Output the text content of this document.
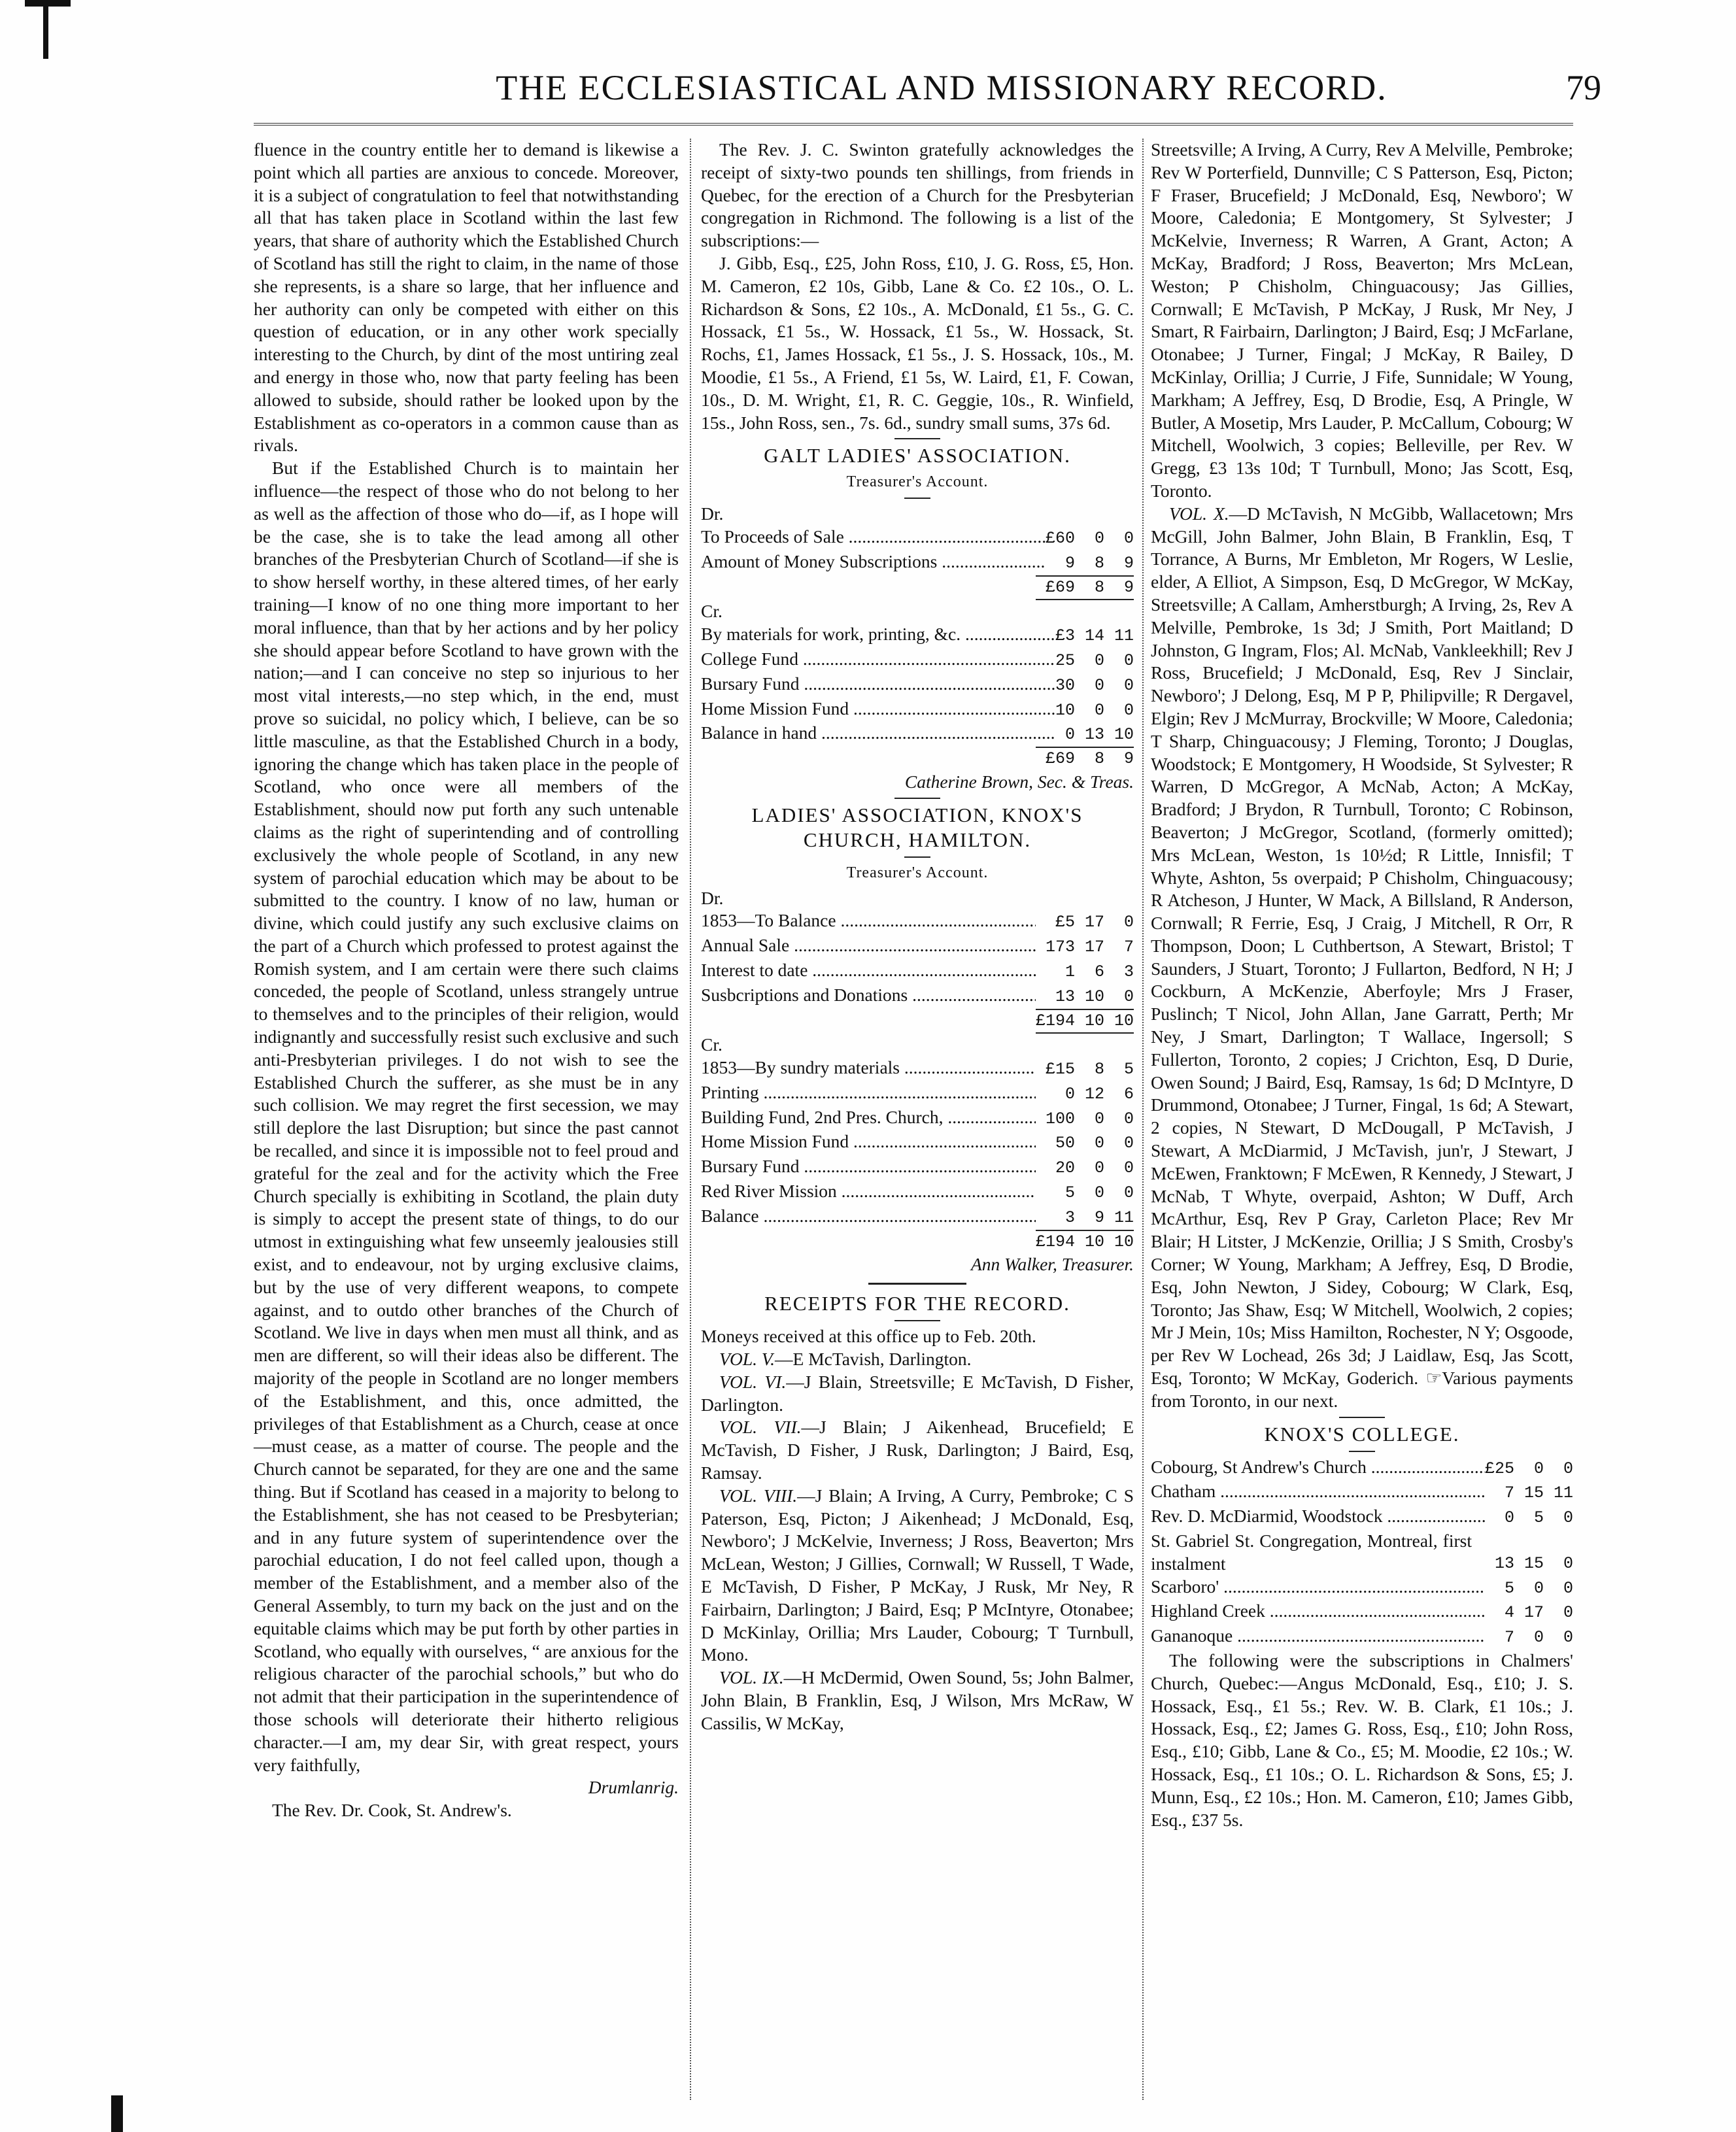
THE ECCLESIASTICAL AND MISSIONARY RECORD.	79

fluence in the country entitle her to demand is likewise a point which all parties are anxious to concede. Moreover, it is a subject of congratulation to feel that notwithstanding all that has taken place in Scotland within the last few years, that share of authority which the Established Church of Scotland has still the right to claim, in the name of those she represents, is a share so large, that her influence and her authority can only be competed with either on this question of education, or in any other work specially interesting to the Church, by dint of the most untiring zeal and energy in those who, now that party feeling has been allowed to subside, should rather be looked upon by the Establishment as co-operators in a common cause than as rivals.

But if the Established Church is to maintain her influence—the respect of those who do not belong to her as well as the affection of those who do—if, as I hope will be the case, she is to take the lead among all other branches of the Presbyterian Church of Scotland—if she is to show herself worthy, in these altered times, of her early training—I know of no one thing more important to her moral influence, than that by her actions and by her policy she should appear before Scotland to have grown with the nation;—and I can conceive no step so injurious to her most vital interests,—no step which, in the end, must prove so suicidal, no policy which, I believe, can be so little masculine, as that the Established Church in a body, ignoring the change which has taken place in the people of Scotland, who once were all members of the Establishment, should now put forth any such untenable claims as the right of superintending and of controlling exclusively the whole people of Scotland, in any new system of parochial education which may be about to be submitted to the country. I know of no law, human or divine, which could justify any such exclusive claims on the part of a Church which professed to protest against the Romish system, and I am certain were there such claims conceded, the people of Scotland, unless strangely untrue to themselves and to the principles of their religion, would indignantly and successfully resist such exclusive and such anti-Presbyterian privileges. I do not wish to see the Established Church the sufferer, as she must be in any such collision. We may regret the first secession, we may still deplore the last Disruption; but since the past cannot be recalled, and since it is impossible not to feel proud and grateful for the zeal and for the activity which the Free Church specially is exhibiting in Scotland, the plain duty is simply to accept the present state of things, to do our utmost in extinguishing what few unseemly jealousies still exist, and to endeavour, not by urging exclusive claims, but by the use of very different weapons, to compete against, and to outdo other branches of the Church of Scotland. We live in days when men must all think, and as men are different, so will their ideas also be different. The majority of the people in Scotland are no longer members of the Establishment, and this, once admitted, the privileges of that Establishment as a Church, cease at once—must cease, as a matter of course. The people and the Church cannot be separated, for they are one and the same thing. But if Scotland has ceased in a majority to belong to the Establishment, she has not ceased to be Presbyterian; and in any future system of superintendence over the parochial education, I do not feel called upon, though a member of the Establishment, and a member also of the General Assembly, to turn my back on the just and on the equitable claims which may be put forth by other parties in Scotland, who equally with ourselves, “ are anxious for the religious character of the parochial schools,” but who do not admit that their participation in the superintendence of those schools will deteriorate their hitherto religious character.—I am, my dear Sir, with great respect, yours very faithfully,

Drumlanrig.

The Rev. Dr. Cook, St. Andrew's.

The Rev. J. C. Swinton gratefully acknowledges the receipt of sixty-two pounds ten shillings, from friends in Quebec, for the erection of a Church for the Presbyterian congregation in Richmond. The following is a list of the subscriptions:—

J. Gibb, Esq., £25, John Ross, £10, J. G. Ross, £5, Hon. M. Cameron, £2 10s, Gibb, Lane & Co. £2 10s., O. L. Richardson & Sons, £2 10s., A. McDonald, £1 5s., G. C. Hossack, £1 5s., W. Hossack, £1 5s., W. Hossack, St. Rochs, £1, James Hossack, £1 5s., J. S. Hossack, 10s., M. Moodie, £1 5s., A Friend, £1 5s, W. Laird, £1, F. Cowan, 10s., D. M. Wright, £1, R. C. Geggie, 10s., R. Winfield, 15s., John Ross, sen., 7s. 6d., sundry small sums, 37s 6d.

GALT LADIES' ASSOCIATION.
Treasurer's Account.
Dr.
To Proceeds of Sale .....	£60  0  0
Amount of Money Subscriptions .....	9  8  9
£69  8  9
Cr.
By materials for work, printing, &c. .....	£3 14 11
College Fund .....	25  0  0
Bursary Fund .....	30  0  0
Home Mission Fund .....	10  0  0
Balance in hand .....	0 13 10
£69  8  9
Catherine Brown, Sec. & Treas.
LADIES' ASSOCIATION, KNOX'S
CHURCH, HAMILTON.
Treasurer's Account.
Dr.
1853—To Balance .....	£5 17  0
Annual Sale .....	173 17  7
Interest to date .....	1  6  3
Susbcriptions and Donations .....	13 10  0
£194 10 10
Cr.
1853—By sundry materials .....	£15  8  5
Printing .....	0 12  6
Building Fund, 2nd Pres. Church, .....	100  0  0
Home Mission Fund .....	50  0  0
Bursary Fund .....	20  0  0
Red River Mission .....	5  0  0
Balance .....	3  9 11
£194 10 10
Ann Walker, Treasurer.
RECEIPTS FOR THE RECORD.

Moneys received at this office up to Feb. 20th.

VOL. V.—E McTavish, Darlington.

VOL. VI.—J Blain, Streetsville; E McTavish, D Fisher, Darlington.

VOL. VII.—J Blain; J Aikenhead, Brucefield; E McTavish, D Fisher, J Rusk, Darlington; J Baird, Esq, Ramsay.

VOL. VIII.—J Blain; A Irving, A Curry, Pembroke; C S Paterson, Esq, Picton; J Aikenhead; J McDonald, Esq, Newboro'; J McKelvie, Inverness; J Ross, Beaverton; Mrs McLean, Weston; J Gillies, Cornwall; W Russell, T Wade, E McTavish, D Fisher, P McKay, J Rusk, Mr Ney, R Fairbairn, Darlington; J Baird, Esq; P McIntyre, Otonabee; D McKinlay, Orillia; Mrs Lauder, Cobourg; T Turnbull, Mono.

VOL. IX.—H McDermid, Owen Sound, 5s; John Balmer, John Blain, B Franklin, Esq, J Wilson, Mrs McRaw, W Cassilis, W McKay,

Streetsville; A Irving, A Curry, Rev A Melville, Pembroke; Rev W Porterfield, Dunnville; C S Patterson, Esq, Picton; F Fraser, Brucefield; J McDonald, Esq, Newboro'; W Moore, Caledonia; E Montgomery, St Sylvester; J McKelvie, Inverness; R Warren, A Grant, Acton; A McKay, Bradford; J Ross, Beaverton; Mrs McLean, Weston; P Chisholm, Chinguacousy; Jas Gillies, Cornwall; E McTavish, P McKay, J Rusk, Mr Ney, J Smart, R Fairbairn, Darlington; J Baird, Esq; J McFarlane, Otonabee; J Turner, Fingal; J McKay, R Bailey, D McKinlay, Orillia; J Currie, J Fife, Sunnidale; W Young, Markham; A Jeffrey, Esq, D Brodie, Esq, A Pringle, W Butler, A Mosetip, Mrs Lauder, P. McCallum, Cobourg; W Mitchell, Woolwich, 3 copies; Belleville, per Rev. W Gregg, £3 13s 10d; T Turnbull, Mono; Jas Scott, Esq, Toronto.

VOL. X.—D McTavish, N McGibb, Wallacetown; Mrs McGill, John Balmer, John Blain, B Franklin, Esq, T Torrance, A Burns, Mr Embleton, Mr Rogers, W Leslie, elder, A Elliot, A Simpson, Esq, D McGregor, W McKay, Streetsville; A Callam, Amherstburgh; A Irving, 2s, Rev A Melville, Pembroke, 1s 3d; J Smith, Port Maitland; D Johnston, G Ingram, Flos; Al. McNab, Vankleekhill; Rev J Ross, Brucefield; J McDonald, Esq, Rev J Sinclair, Newboro'; J Delong, Esq, M P P, Philipville; R Dergavel, Elgin; Rev J McMurray, Brockville; W Moore, Caledonia; T Sharp, Chinguacousy; J Fleming, Toronto; J Douglas, Woodstock; E Montgomery, H Woodside, St Sylvester; R Warren, D McGregor, A McNab, Acton; A McKay, Bradford; J Brydon, R Turnbull, Toronto; C Robinson, Beaverton; J McGregor, Scotland, (formerly omitted); Mrs McLean, Weston, 1s 10½d; R Little, Innisfil; T Whyte, Ashton, 5s overpaid; P Chisholm, Chinguacousy; R Atcheson, J Hunter, W Mack, A Billsland, R Anderson, Cornwall; R Ferrie, Esq, J Craig, J Mitchell, R Orr, R Thompson, Doon; L Cuthbertson, A Stewart, Bristol; T Saunders, J Stuart, Toronto; J Fullarton, Bedford, N H; J Cockburn, A McKenzie, Aberfoyle; Mrs J Fraser, Puslinch; T Nicol, John Allan, Jane Garratt, Perth; Mr Ney, J Smart, Darlington; T Wallace, Ingersoll; S Fullerton, Toronto, 2 copies; J Crichton, Esq, D Durie, Owen Sound; J Baird, Esq, Ramsay, 1s 6d; D McIntyre, D Drummond, Otonabee; J Turner, Fingal, 1s 6d; A Stewart, 2 copies, N Stewart, D McDougall, P McTavish, J Stewart, A McDiarmid, J McTavish, jun'r, J Stewart, J McEwen, Franktown; F McEwen, R Kennedy, J Stewart, J McNab, T Whyte, overpaid, Ashton; W Duff, Arch McArthur, Esq, Rev P Gray, Carleton Place; Rev Mr Blair; H Litster, J McKenzie, Orillia; J S Smith, Crosby's Corner; W Young, Markham; A Jeffrey, Esq, D Brodie, Esq, John Newton, J Sidey, Cobourg; W Clark, Esq, Toronto; Jas Shaw, Esq; W Mitchell, Woolwich, 2 copies; Mr J Mein, 10s; Miss Hamilton, Rochester, N Y; Osgoode, per Rev W Lochead, 26s 3d; J Laidlaw, Esq, Jas Scott, Esq, Toronto; W McKay, Goderich. ☞Various payments from Toronto, in our next.

KNOX'S COLLEGE.
Cobourg, St Andrew's Church .....	£25  0  0
Chatham .....	7 15 11
Rev. D. McDiarmid, Woodstock .....	0  5  0
St. Gabriel St. Congregation, Montreal, first instalment	13 15  0
Scarboro' .....	5  0  0
Highland Creek .....	4 17  0
Gananoque .....	7  0  0

The following were the subscriptions in Chalmers' Church, Quebec:—Angus McDonald, Esq., £10; J. S. Hossack, Esq., £1 5s.; Rev. W. B. Clark, £1 10s.; J. Hossack, Esq., £2; James G. Ross, Esq., £10; John Ross, Esq., £10; Gibb, Lane & Co., £5; M. Moodie, £2 10s.; W. Hossack, Esq., £1 10s.; O. L. Richardson & Sons, £5; J. Munn, Esq., £2 10s.; Hon. M. Cameron, £10; James Gibb, Esq., £37 5s.
